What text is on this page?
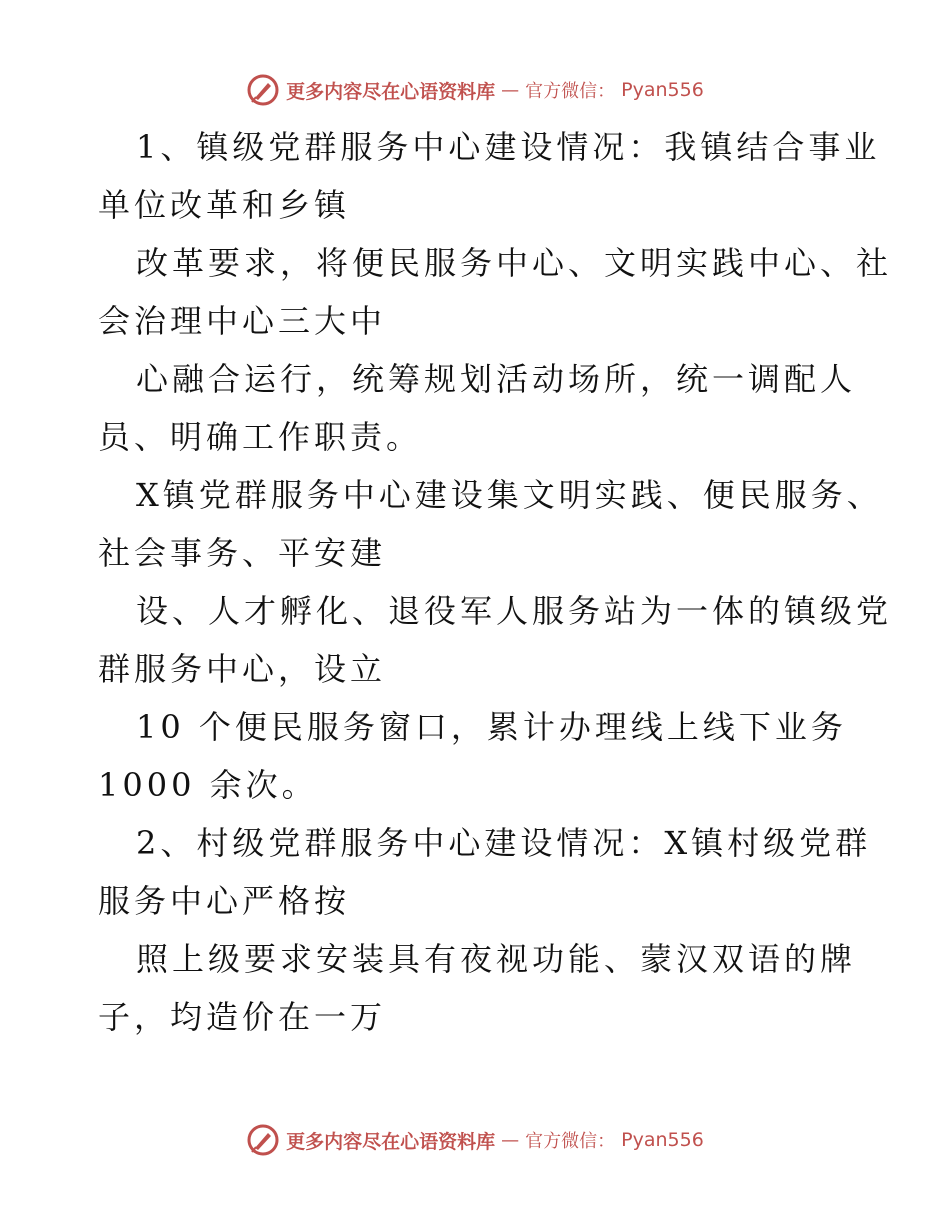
更多内容尽在心语资料库 — 官方微信： Pyan556

1、镇级党群服务中心建设情况：我镇结合事业
单位改革和乡镇

改革要求，将便民服务中心、文明实践中心、社
会治理中心三大中

心融合运行，统筹规划活动场所，统一调配人
员、明确工作职责。

X镇党群服务中心建设集文明实践、便民服务、
社会事务、平安建

设、人才孵化、退役军人服务站为一体的镇级党
群服务中心，设立

10 个便民服务窗口，累计办理线上线下业务
1000 余次。

2、村级党群服务中心建设情况：X镇村级党群
服务中心严格按

照上级要求安装具有夜视功能、蒙汉双语的牌
子，均造价在一万

更多内容尽在心语资料库 — 官方微信： Pyan556
